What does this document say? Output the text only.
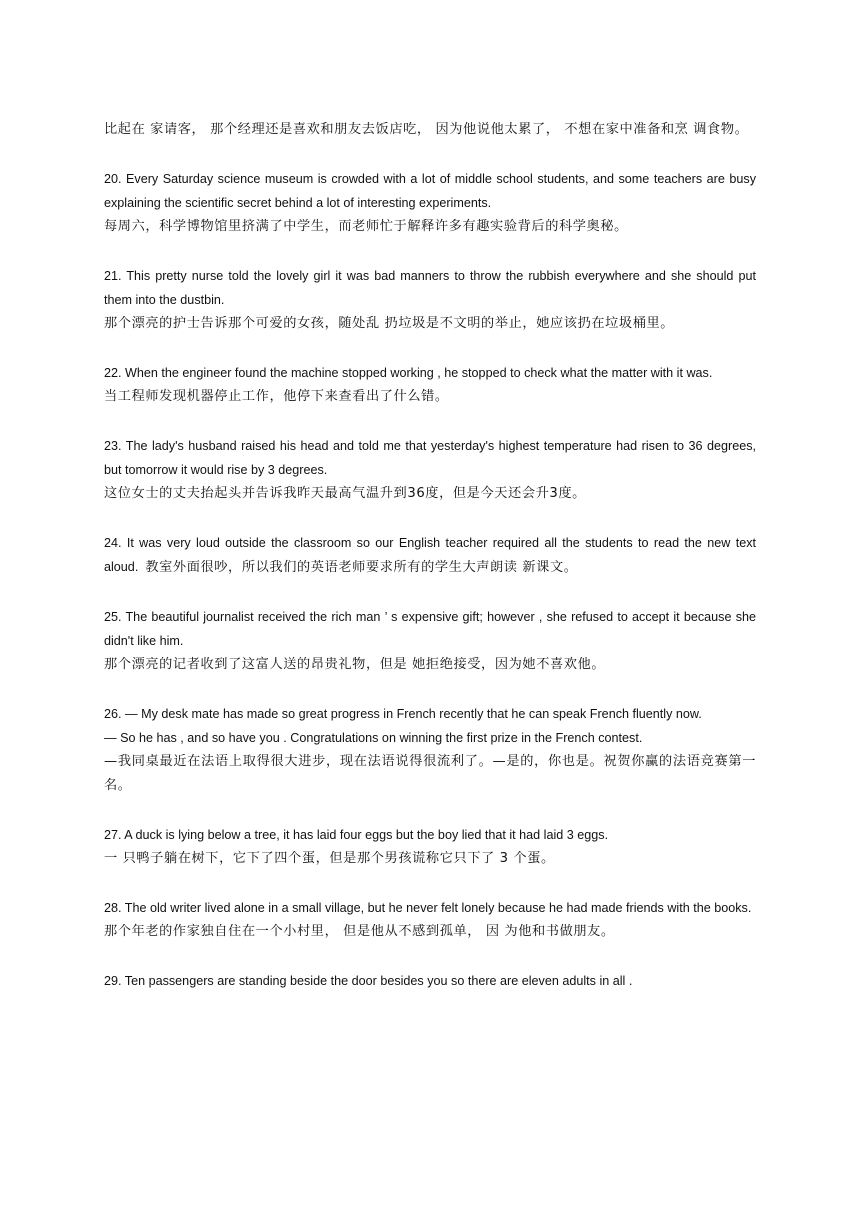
比起在 家请客， 那个经理还是喜欢和朋友去饭店吃， 因为他说他太累了， 不想在家中准备和烹 调食物。

20. Every Saturday science museum is crowded with a lot of middle school students, and some teachers are busy explaining the scientific secret behind a lot of interesting experiments.

每周六，科学博物馆里挤满了中学生，而老师忙于解释许多有趣实验背后的科学奥秘。

21. This pretty nurse told the lovely girl it was bad manners to throw the rubbish everywhere and she should put them into the dustbin.

那个漂亮的护士告诉那个可爱的女孩，随处乱 扔垃圾是不文明的举止，她应该扔在垃圾桶里。

22. When the engineer found the machine stopped working , he stopped to check what the matter with it was.

当工程师发现机器停止工作，他停下来查看出了什么错。

23. The lady's husband raised his head and told me that yesterday's highest temperature had risen to 36 degrees, but tomorrow it would rise by 3 degrees.

这位女士的丈夫抬起头并告诉我昨天最高气温升到36度，但是今天还会升3度。

24. It was very loud outside the classroom so our English teacher required all the students to read the new text aloud. 教室外面很吵，所以我们的英语老师要求所有的学生大声朗读 新课文。

25. The beautiful journalist received the rich man ’ s expensive gift; however , she refused to accept it because she didn't like him.

那个漂亮的记者收到了这富人送的昂贵礼物，但是 她拒绝接受，因为她不喜欢他。

26. — My desk mate has made so great progress in French recently that he can speak French fluently now.

— So he has , and so have you . Congratulations on winning the first prize in the French contest.

—我同桌最近在法语上取得很大进步，现在法语说得很流利了。—是的，你也是。祝贺你赢的法语竞赛第一名。

27. A duck is lying below a tree, it has laid four eggs but the boy lied that it had laid 3 eggs.

一 只鸭子躺在树下，它下了四个蛋，但是那个男孩谎称它只下了 3 个蛋。

28. The old writer lived alone in a small village, but he never felt lonely because he had made friends with the books.

那个年老的作家独自住在一个小村里， 但是他从不感到孤单， 因 为他和书做朋友。

29. Ten passengers are standing beside the door besides you so there are eleven adults in all .
